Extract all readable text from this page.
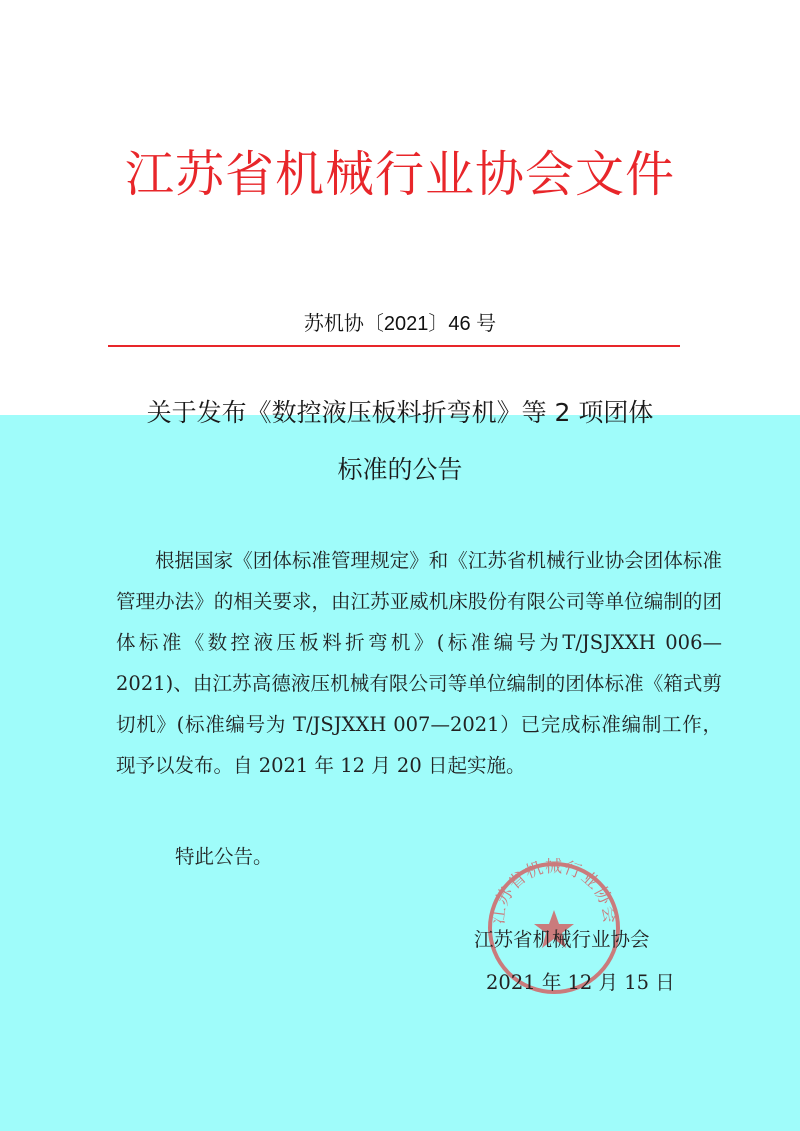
江苏省机械行业协会文件
苏机协〔2021〕46 号
关于发布《数控液压板料折弯机》等 2 项团体
标准的公告

根据国家《团体标准管理规定》和《江苏省机械行业协会团体标准管理办法》的相关要求，由江苏亚威机床股份有限公司等单位编制的团体标准《数控液压板料折弯机》(标准编号为T/JSJXXH 006—2021)、由江苏高德液压机械有限公司等单位编制的团体标准《箱式剪切机》(标准编号为 T/JSJXXH 007—2021）已完成标准编制工作，现予以发布。自 2021 年 12 月 20 日起实施。

特此公告。
江苏省机械行业协会
江苏省机械行业协会
2021 年 12 月 15 日
